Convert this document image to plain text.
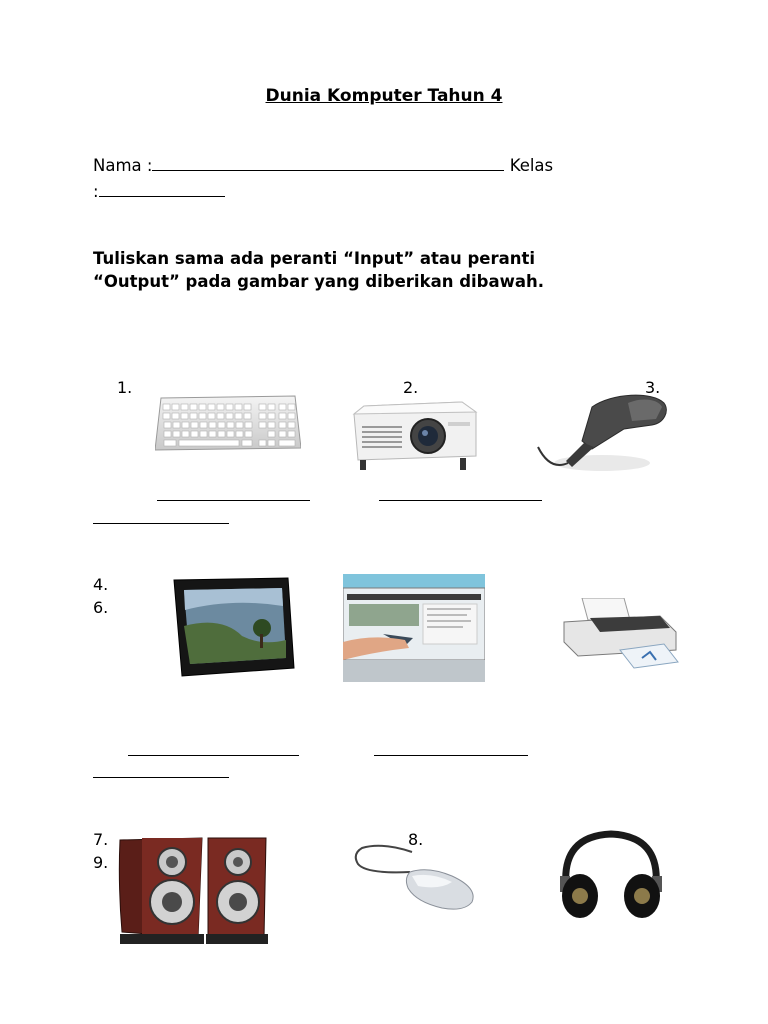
Dunia Komputer Tahun 4
Nama :	Kelas
:
Tuliskan sama ada peranti “Input” atau peranti
“Output” pada gambar yang diberikan dibawah.
1.	2.	3.
4.
6.
7.	8.
9.
